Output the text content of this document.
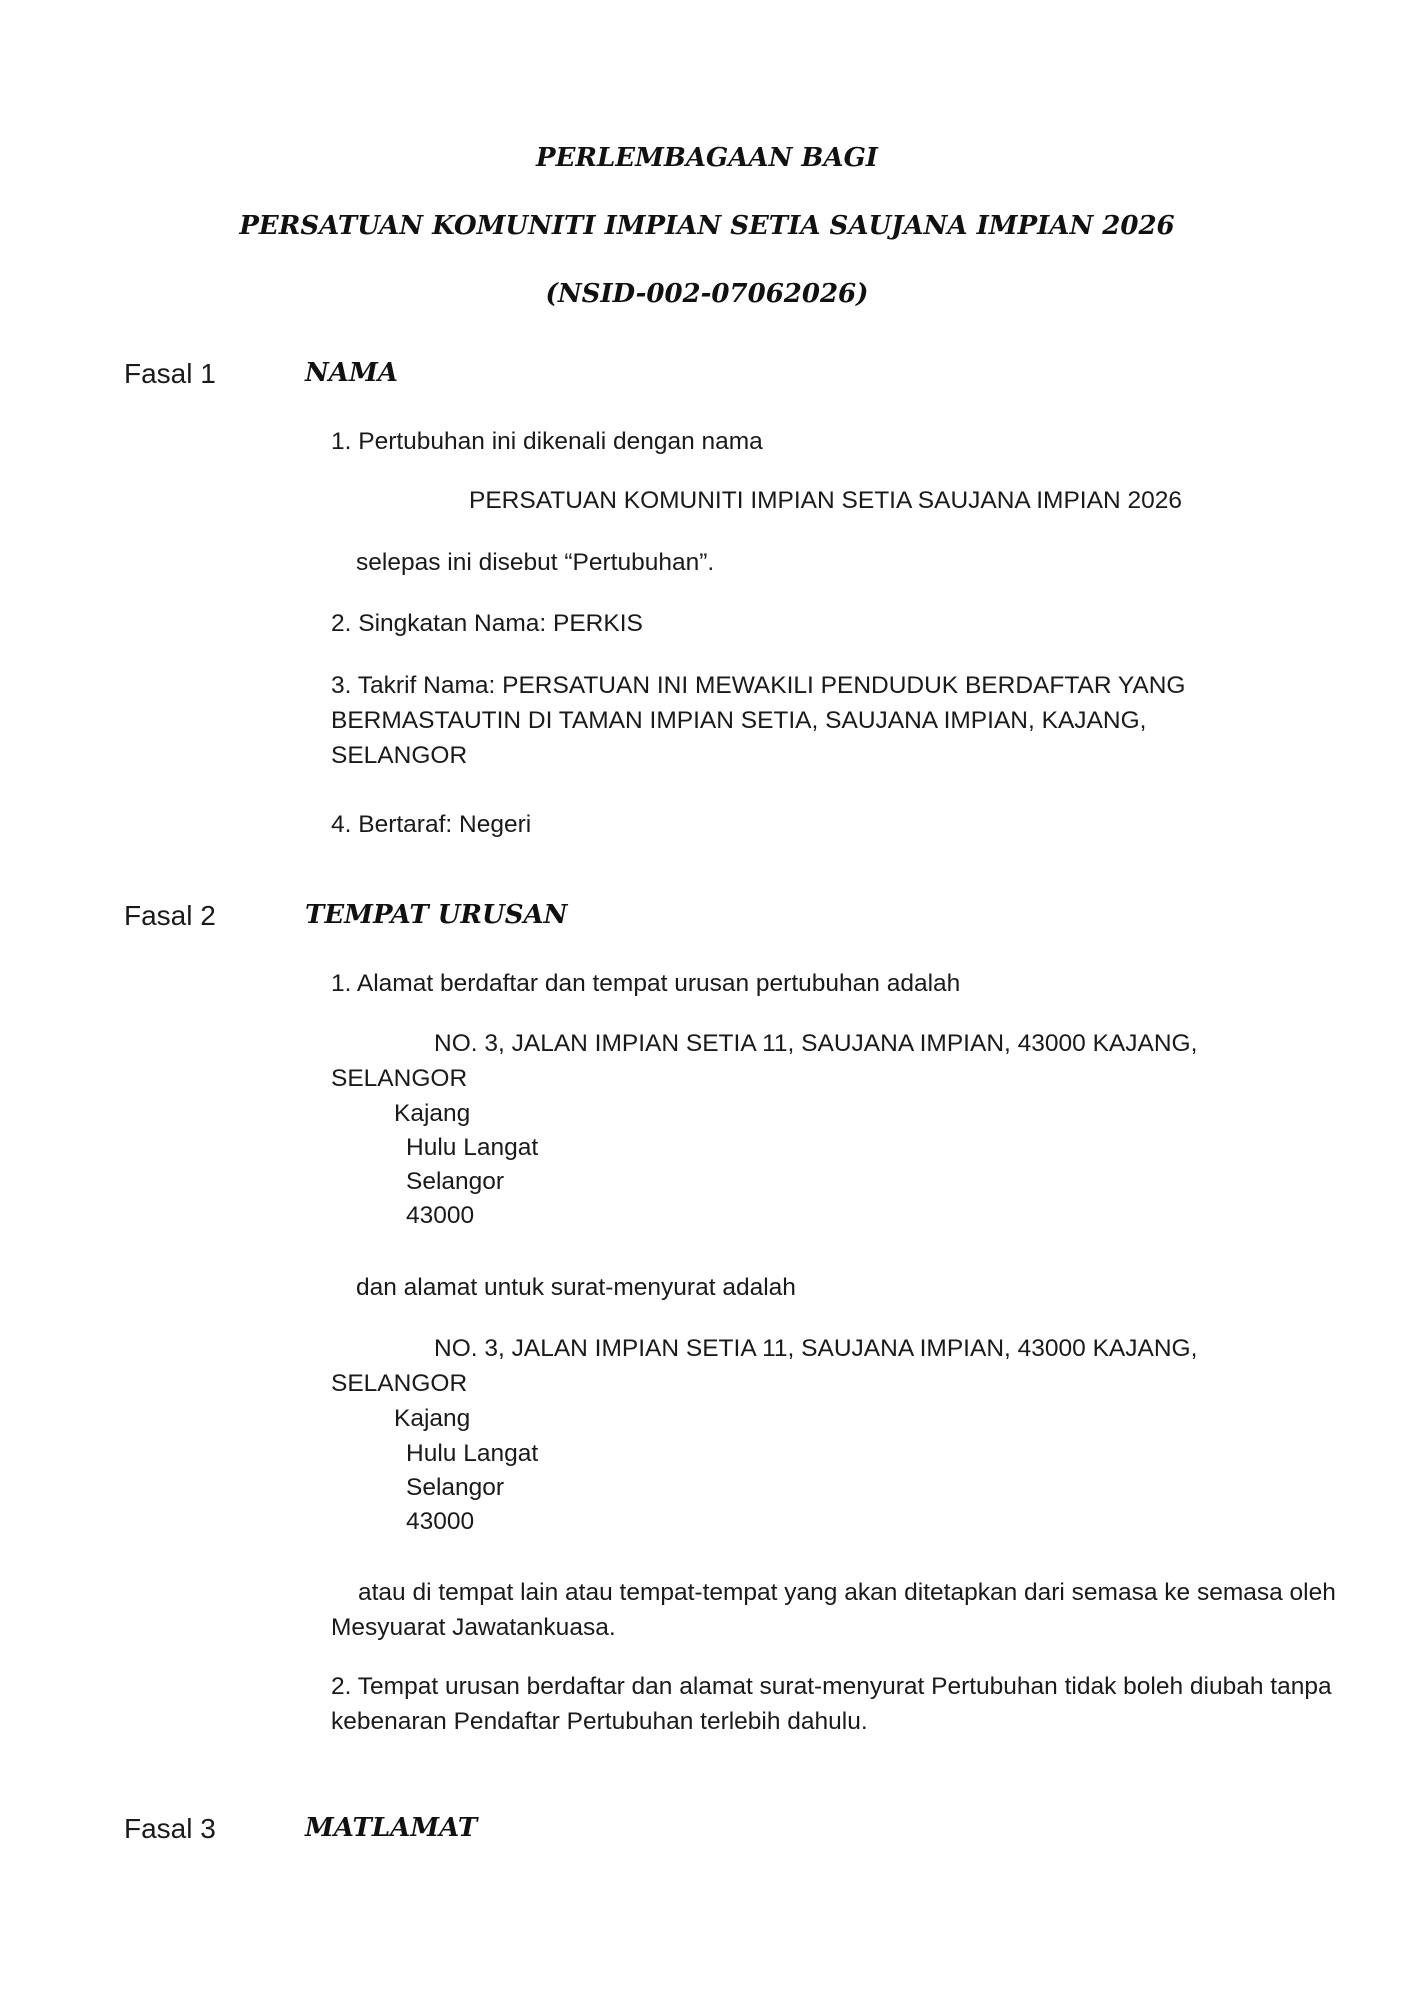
PERLEMBAGAAN BAGI
PERSATUAN KOMUNITI IMPIAN SETIA SAUJANA IMPIAN 2026
(NSID-002-07062026)
Fasal 1	NAMA
1. Pertubuhan ini dikenali dengan nama
PERSATUAN KOMUNITI IMPIAN SETIA SAUJANA IMPIAN 2026
selepas ini disebut “Pertubuhan”.
2. Singkatan Nama: PERKIS
3. Takrif Nama: PERSATUAN INI MEWAKILI PENDUDUK BERDAFTAR YANG
BERMASTAUTIN DI TAMAN IMPIAN SETIA, SAUJANA IMPIAN, KAJANG,
SELANGOR
4. Bertaraf: Negeri
Fasal 2	TEMPAT URUSAN
1. Alamat berdaftar dan tempat urusan pertubuhan adalah
NO. 3, JALAN IMPIAN SETIA 11, SAUJANA IMPIAN, 43000 KAJANG,
SELANGOR
Kajang
Hulu Langat
Selangor
43000
dan alamat untuk surat-menyurat adalah
NO. 3, JALAN IMPIAN SETIA 11, SAUJANA IMPIAN, 43000 KAJANG,
SELANGOR
Kajang
Hulu Langat
Selangor
43000
atau di tempat lain atau tempat-tempat yang akan ditetapkan dari semasa ke semasa oleh
Mesyuarat Jawatankuasa.
2. Tempat urusan berdaftar dan alamat surat-menyurat Pertubuhan tidak boleh diubah tanpa
kebenaran Pendaftar Pertubuhan terlebih dahulu.
Fasal 3	MATLAMAT
